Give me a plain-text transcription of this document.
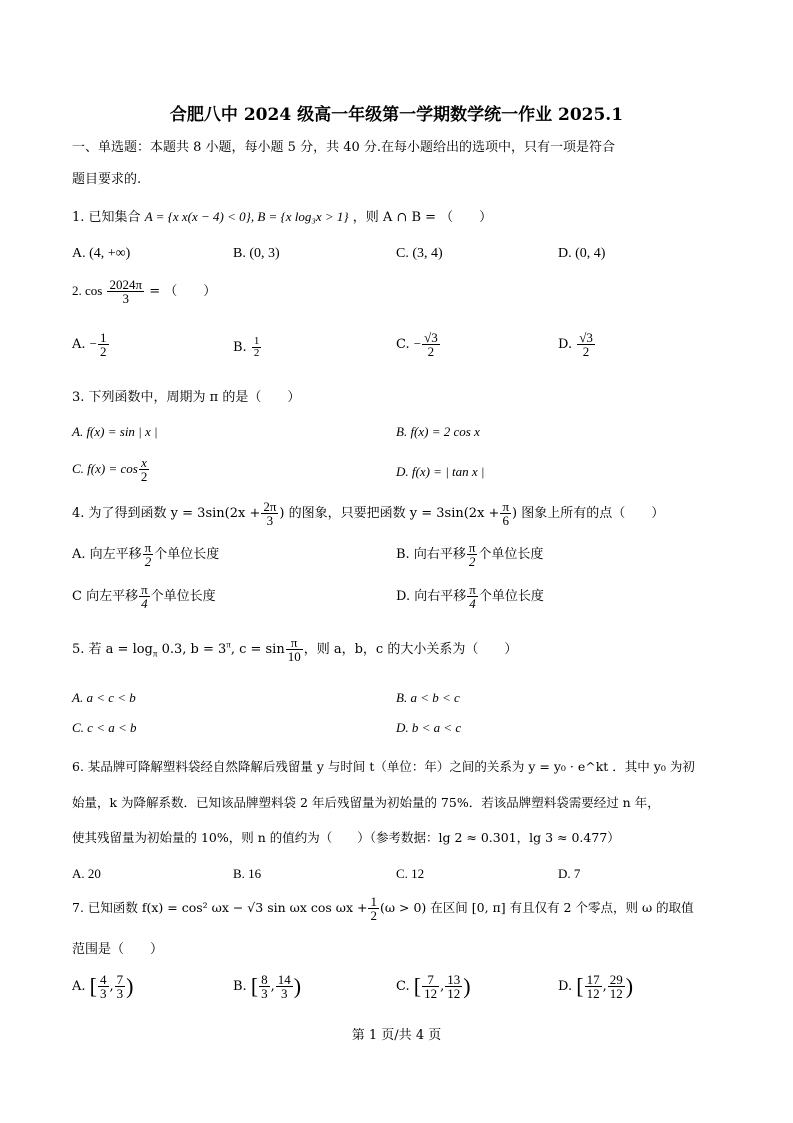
合肥八中 2024 级高一年级第一学期数学统一作业 2025.1
一、单选题：本题共 8 小题，每小题 5 分，共 40 分.在每小题给出的选项中，只有一项是符合
题目要求的.
1. 已知集合 A = {x x(x − 4) < 0}, B = {x log₃x > 1} ，则 A ∩ B = （　　）
A. (4, +∞)	B. (0, 3)	C. (3, 4)	D. (0, 4)
2. $\cos \frac{2024\pi}{3}$ = （　　）
A. − $\frac{1}{2}$	B. $\frac{1}{2}$	C. − $\frac{√3}{2}$	D. $\frac{√3}{2}$
3. 下列函数中，周期为 π 的是（　　）
A. f(x) = sin | x |	B. f(x) = 2 cos x
C. $f(x) = \cos \frac{x}{2}$	D. f(x) = | tan x |
4. 为了得到函数 $y = 3\sin(2x + \frac{2\pi}{3}$ ) 的图象，只要把函数 $y = 3\sin(2x + \frac{\pi}{6}$ ) 图象上所有的点（　　）
A. 向左平移 $\frac{\pi}{2}$ 个单位长度	B. 向右平移 $\frac{\pi}{2}$ 个单位长度
C 向左平移 $\frac{\pi}{4}$ 个单位长度	D. 向右平移 $\frac{\pi}{4}$ 个单位长度
5. 若 $a = \log_\pi 0.3$, $b = 3^\pi$, $c = \sin \frac{\pi}{10}$ ，则 a，b，c 的大小关系为（　　）
A. a < c < b	B. a < b < c
C. c < a < b	D. b < a < c
6. 某品牌可降解塑料袋经自然降解后残留量 y 与时间 t（单位：年）之间的关系为 y = y₀ · e^kt ．其中 y₀ 为初
始量，k 为降解系数．已知该品牌塑料袋 2 年后残留量为初始量的 75%．若该品牌塑料袋需要经过 n 年，
使其残留量为初始量的 10%，则 n 的值约为（　　）（参考数据：lg 2 ≈ 0.301，lg 3 ≈ 0.477）
A. 20	B. 16	C. 12	D. 7
7. 已知函数 f(x) = cos² ωx − √3 sin ωx $\cos \omega x + \frac{1}{2} (\omega > 0)$ 在区间 [0, π] 有且仅有 2 个零点，则 ω 的取值
范围是（　　）
A. [ $\frac{4}{3}$ , $\frac{7}{3}$ )	B. [ $\frac{8}{3}$ , $\frac{14}{3}$ )	C. [ $\frac{7}{12}$ , $\frac{13}{12}$ )	D. [ $\frac{17}{12}$ , $\frac{29}{12}$ )
第 1 页/共 4 页
